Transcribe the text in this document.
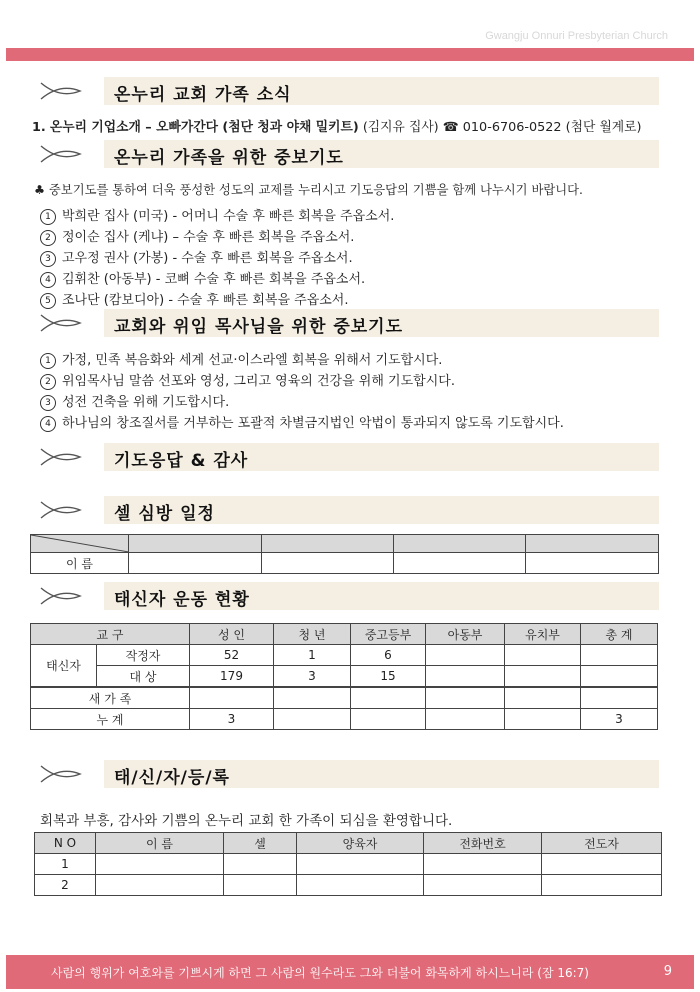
Gwangju Onnuri Presbyterian Church
온누리 교회 가족 소식
1. 온누리 기업소개 – 오빠가간다 (첨단 청과 야채 밀키트) (김지유 집사) ☎ 010-6706-0522 (첨단 월계로)
온누리 가족을 위한 중보기도
♣ 중보기도를 통하여 더욱 풍성한 성도의 교제를 누리시고 기도응답의 기쁨을 함께 나누시기 바랍니다.
1 박희란 집사 (미국) - 어머니 수술 후 빠른 회복을 주옵소서.
2 정이순 집사 (케냐) – 수술 후 빠른 회복을 주옵소서.
3 고우정 권사 (가봉) - 수술 후 빠른 회복을 주옵소서.
4 김휘찬 (아동부) - 코뼈 수술 후 빠른 회복을 주옵소서.
5 조나단 (캄보디아) - 수술 후 빠른 회복을 주옵소서.
교회와 위임 목사님을 위한 중보기도
1 가정, 민족 복음화와 세계 선교·이스라엘 회복을 위해서 기도합시다.
2 위임목사님 말씀 선포와 영성, 그리고 영육의 건강을 위해 기도합시다.
3 성전 건축을 위해 기도합시다.
4 하나님의 창조질서를 거부하는 포괄적 차별금지법인 악법이 통과되지 않도록 기도합시다.
기도응답 & 감사
셀 심방 일정

이 름				
태신자 운동 현황
교 구		성 인	청 년	중고등부	아동부	유치부	총 계
태신자	작정자	52	1	6			
	대 상	179	3	15			
새 가 족							
누 계		3					3
태/신/자/등/록
회복과 부흥, 감사와 기쁨의 온누리 교회 한 가족이 되심을 환영합니다.
N O	이 름	셀	양육자	전화번호	전도자
1					
2					
사람의 행위가 여호와를 기쁘시게 하면 그 사람의 원수라도 그와 더불어 화목하게 하시느니라 (잠 16:7)	9
